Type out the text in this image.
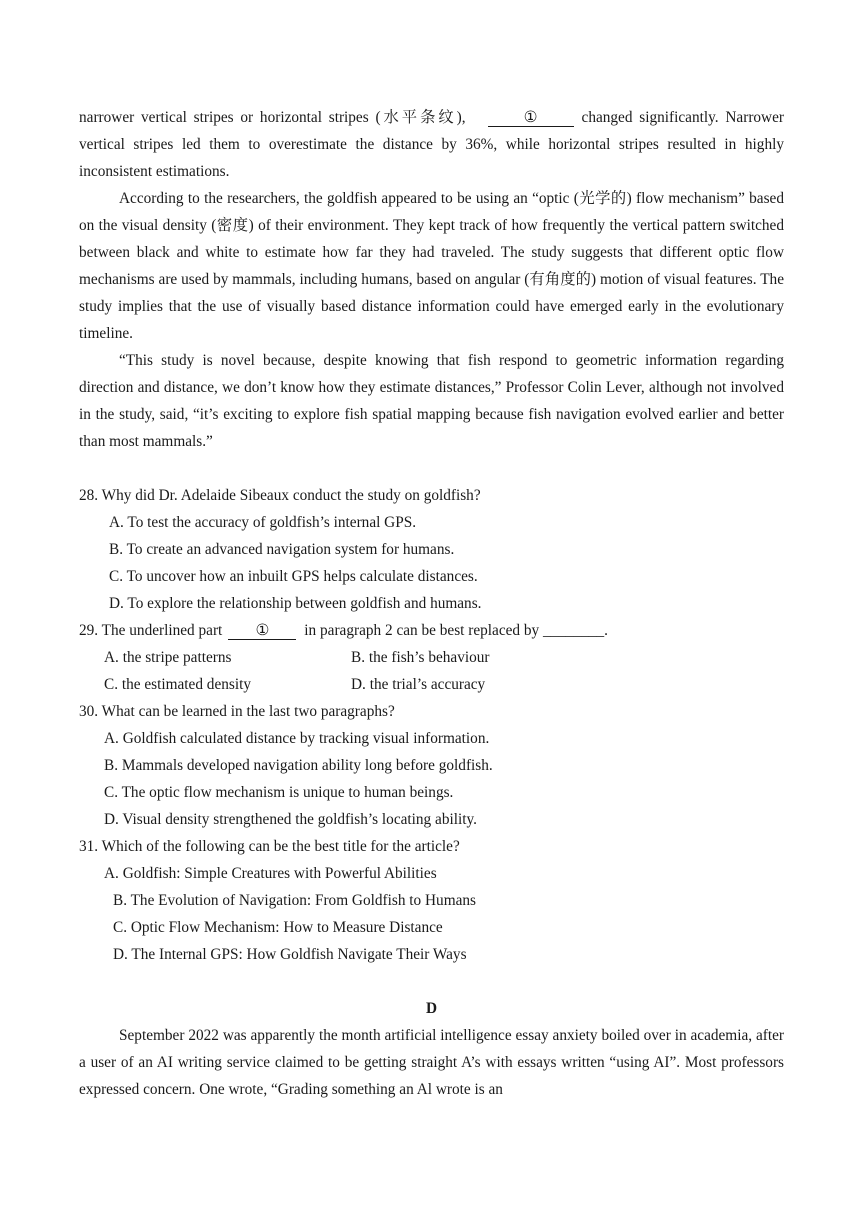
narrower vertical stripes or horizontal stripes (水平条纹),	①	changed significantly. Narrower vertical stripes led them to overestimate the distance by 36%, while horizontal stripes resulted in highly inconsistent estimations.

According to the researchers, the goldfish appeared to be using an “optic (光学的) flow mechanism” based on the visual density (密度) of their environment. They kept track of how frequently the vertical pattern switched between black and white to estimate how far they had traveled. The study suggests that different optic flow mechanisms are used by mammals, including humans, based on angular (有角度的) motion of visual features. The study implies that the use of visually based distance information could have emerged early in the evolutionary timeline.

“This study is novel because, despite knowing that fish respond to geometric information regarding direction and distance, we don’t know how they estimate distances,” Professor Colin Lever, although not involved in the study, said, “it’s exciting to explore fish spatial mapping because fish navigation evolved earlier and better than most mammals.”

28. Why did Dr. Adelaide Sibeaux conduct the study on goldfish?
A. To test the accuracy of goldfish’s internal GPS.
B. To create an advanced navigation system for humans.
C. To uncover how an inbuilt GPS helps calculate distances.
D. To explore the relationship between goldfish and humans.
29. The underlined part ① in paragraph 2 can be best replaced by ________.
A. the stripe patterns	B. the fish’s behaviour
C. the estimated density	D. the trial’s accuracy
30. What can be learned in the last two paragraphs?
A. Goldfish calculated distance by tracking visual information.
B. Mammals developed navigation ability long before goldfish.
C. The optic flow mechanism is unique to human beings.
D. Visual density strengthened the goldfish’s locating ability.
31. Which of the following can be the best title for the article?
A. Goldfish: Simple Creatures with Powerful Abilities
B. The Evolution of Navigation: From Goldfish to Humans
C. Optic Flow Mechanism: How to Measure Distance
D. The Internal GPS: How Goldfish Navigate Their Ways
D

September 2022 was apparently the month artificial intelligence essay anxiety boiled over in academia, after a user of an AI writing service claimed to be getting straight A’s with essays written “using AI”. Most professors expressed concern. One wrote, “Grading something an Al wrote is an
